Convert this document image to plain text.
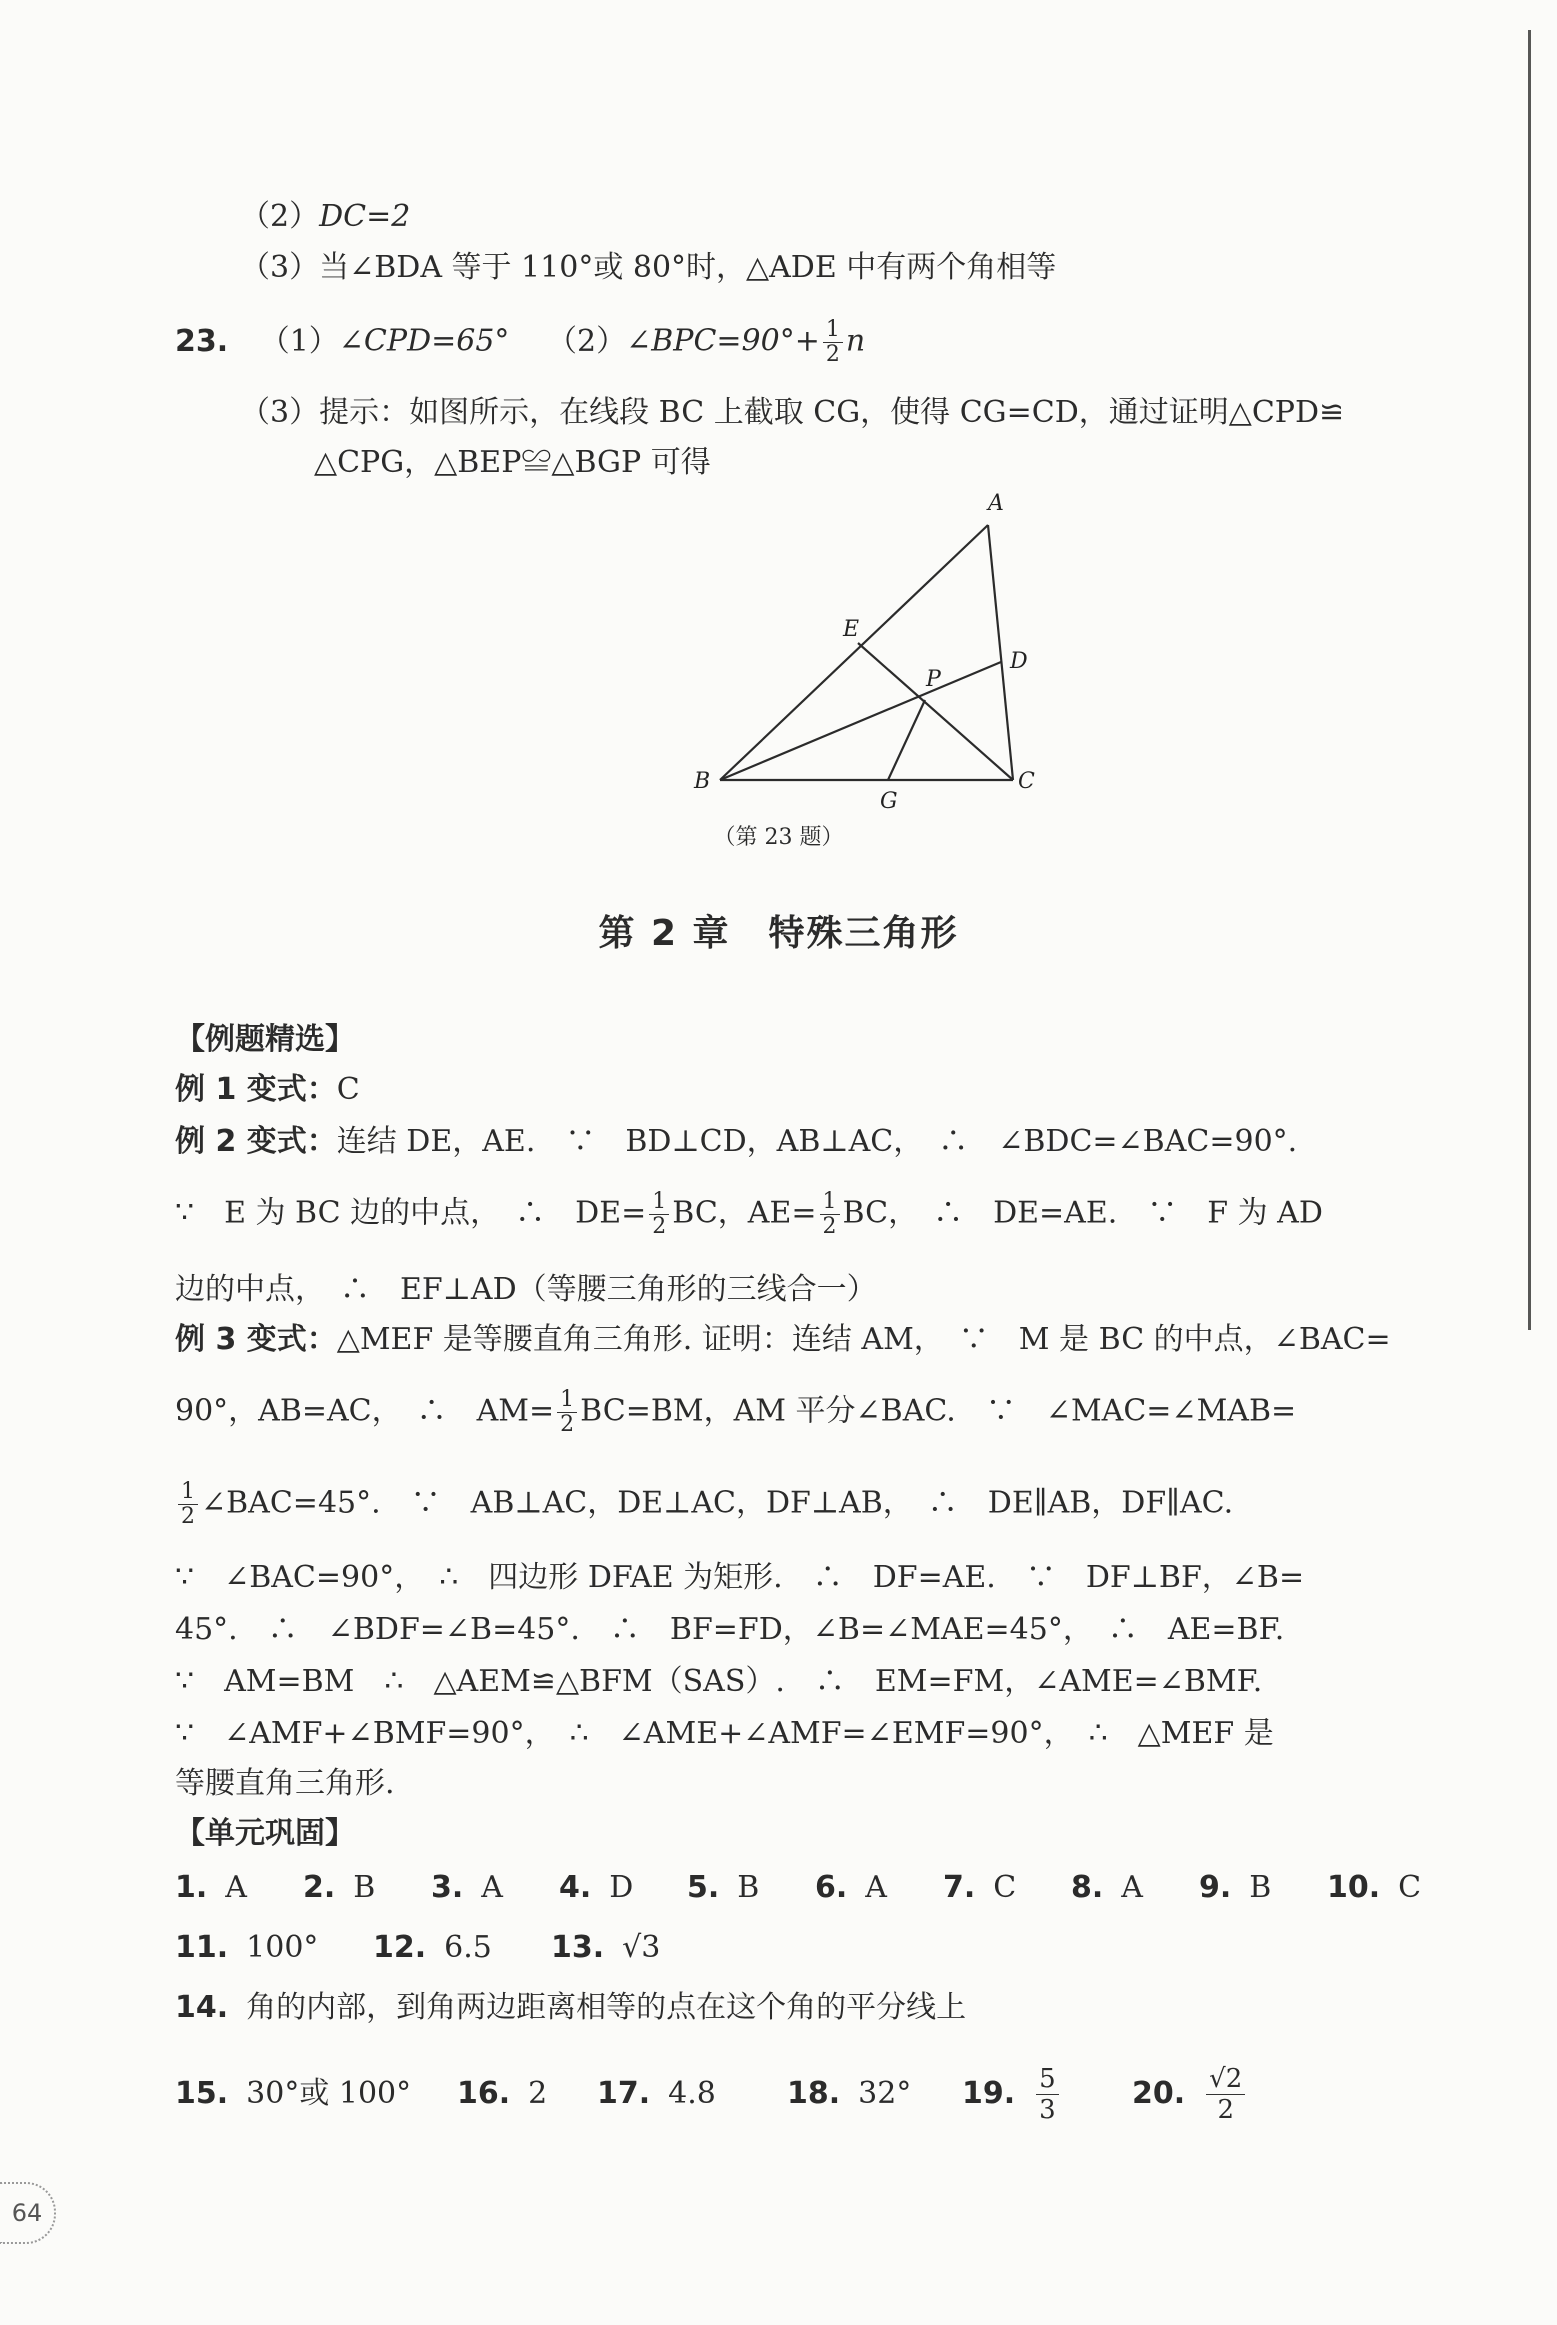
（2）DC=2
（3）当∠BDA 等于 110°或 80°时，△ADE 中有两个角相等
23. （1）∠CPD=65° （2）∠BPC=90°+ $\frac{1}{2}$ n
（3）提示：如图所示，在线段 BC 上截取 CG，使得 CG=CD，通过证明△CPD≌
△CPG，△BEP≌△BGP 可得
A
B	C
D
E
P
G
（第 23 题）
第 2 章　特殊三角形
【例题精选】
例 1 变式：C
例 2 变式：连结 DE，AE.　∵　BD⊥CD，AB⊥AC，　∴　∠BDC=∠BAC=90°.
∵　E 为 BC 边的中点，　∴　$DE= \frac{1}{2}$ BC，$AE= \frac{1}{2}$ BC，　∴　DE=AE.　∵　F 为 AD
边的中点，　∴　EF⊥AD（等腰三角形的三线合一）
例 3 变式：△MEF 是等腰直角三角形. 证明：连结 AM，　∵　M 是 BC 的中点，∠BAC=
90°，AB=AC，　∴　$AM= \frac{1}{2} BC=BM$，AM 平分∠BAC.　∵　∠MAC=∠MAB=
$\frac{1}{2}$ ∠BAC=45°.　∵　AB⊥AC，DE⊥AC，DF⊥AB，　∴　DE∥AB，DF∥AC.
∵　∠BAC=90°，　∴　四边形 DFAE 为矩形.　∴　DF=AE.　∵　DF⊥BF，∠B=
45°.　∴　∠BDF=∠B=45°.　∴　BF=FD，∠B=∠MAE=45°，　∴　AE=BF.
∵　AM=BM　∴　△AEM≌△BFM（SAS）.　∴　EM=FM，∠AME=∠BMF.
∵　∠AMF+∠BMF=90°，　∴　∠AME+∠AMF=∠EMF=90°，　∴　△MEF 是
等腰直角三角形.
【单元巩固】
1. A 2. B 3. A 4. D 5. B 6. A 7. C 8. A 9. B 10. C
11. 100° 12. 6.5 13. √3
14. 角的内部，到角两边距离相等的点在这个角的平分线上
15. 30°或 100° 16. 2 17. 4.8 18. 32° 19. $\frac{5}{3} 20$. $\frac{√2}{2}$
64
